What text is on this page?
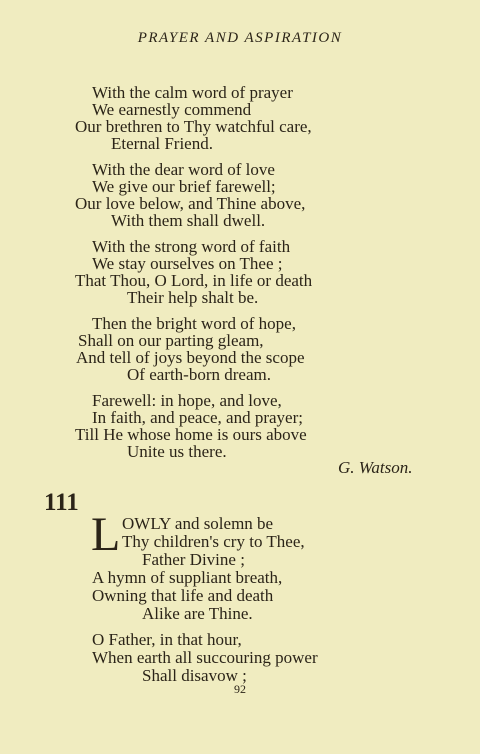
PRAYER AND ASPIRATION
With the calm word of prayer
We earnestly commend
Our brethren to Thy watchful care,
Eternal Friend.
With the dear word of love
We give our brief farewell;
Our love below, and Thine above,
With them shall dwell.
With the strong word of faith
We stay ourselves on Thee ;
That Thou, O Lord, in life or death
Their help shalt be.
Then the bright word of hope,
Shall on our parting gleam,
And tell of joys beyond the scope
Of earth-born dream.
Farewell: in hope, and love,
In faith, and peace, and prayer;
Till He whose home is ours above
Unite us there.
G. Watson.
111
L OWLY and solemn be
Thy children's cry to Thee,
Father Divine ;
A hymn of suppliant breath,
Owning that life and death
Alike are Thine.
O Father, in that hour,
When earth all succouring power
Shall disavow ;
92
